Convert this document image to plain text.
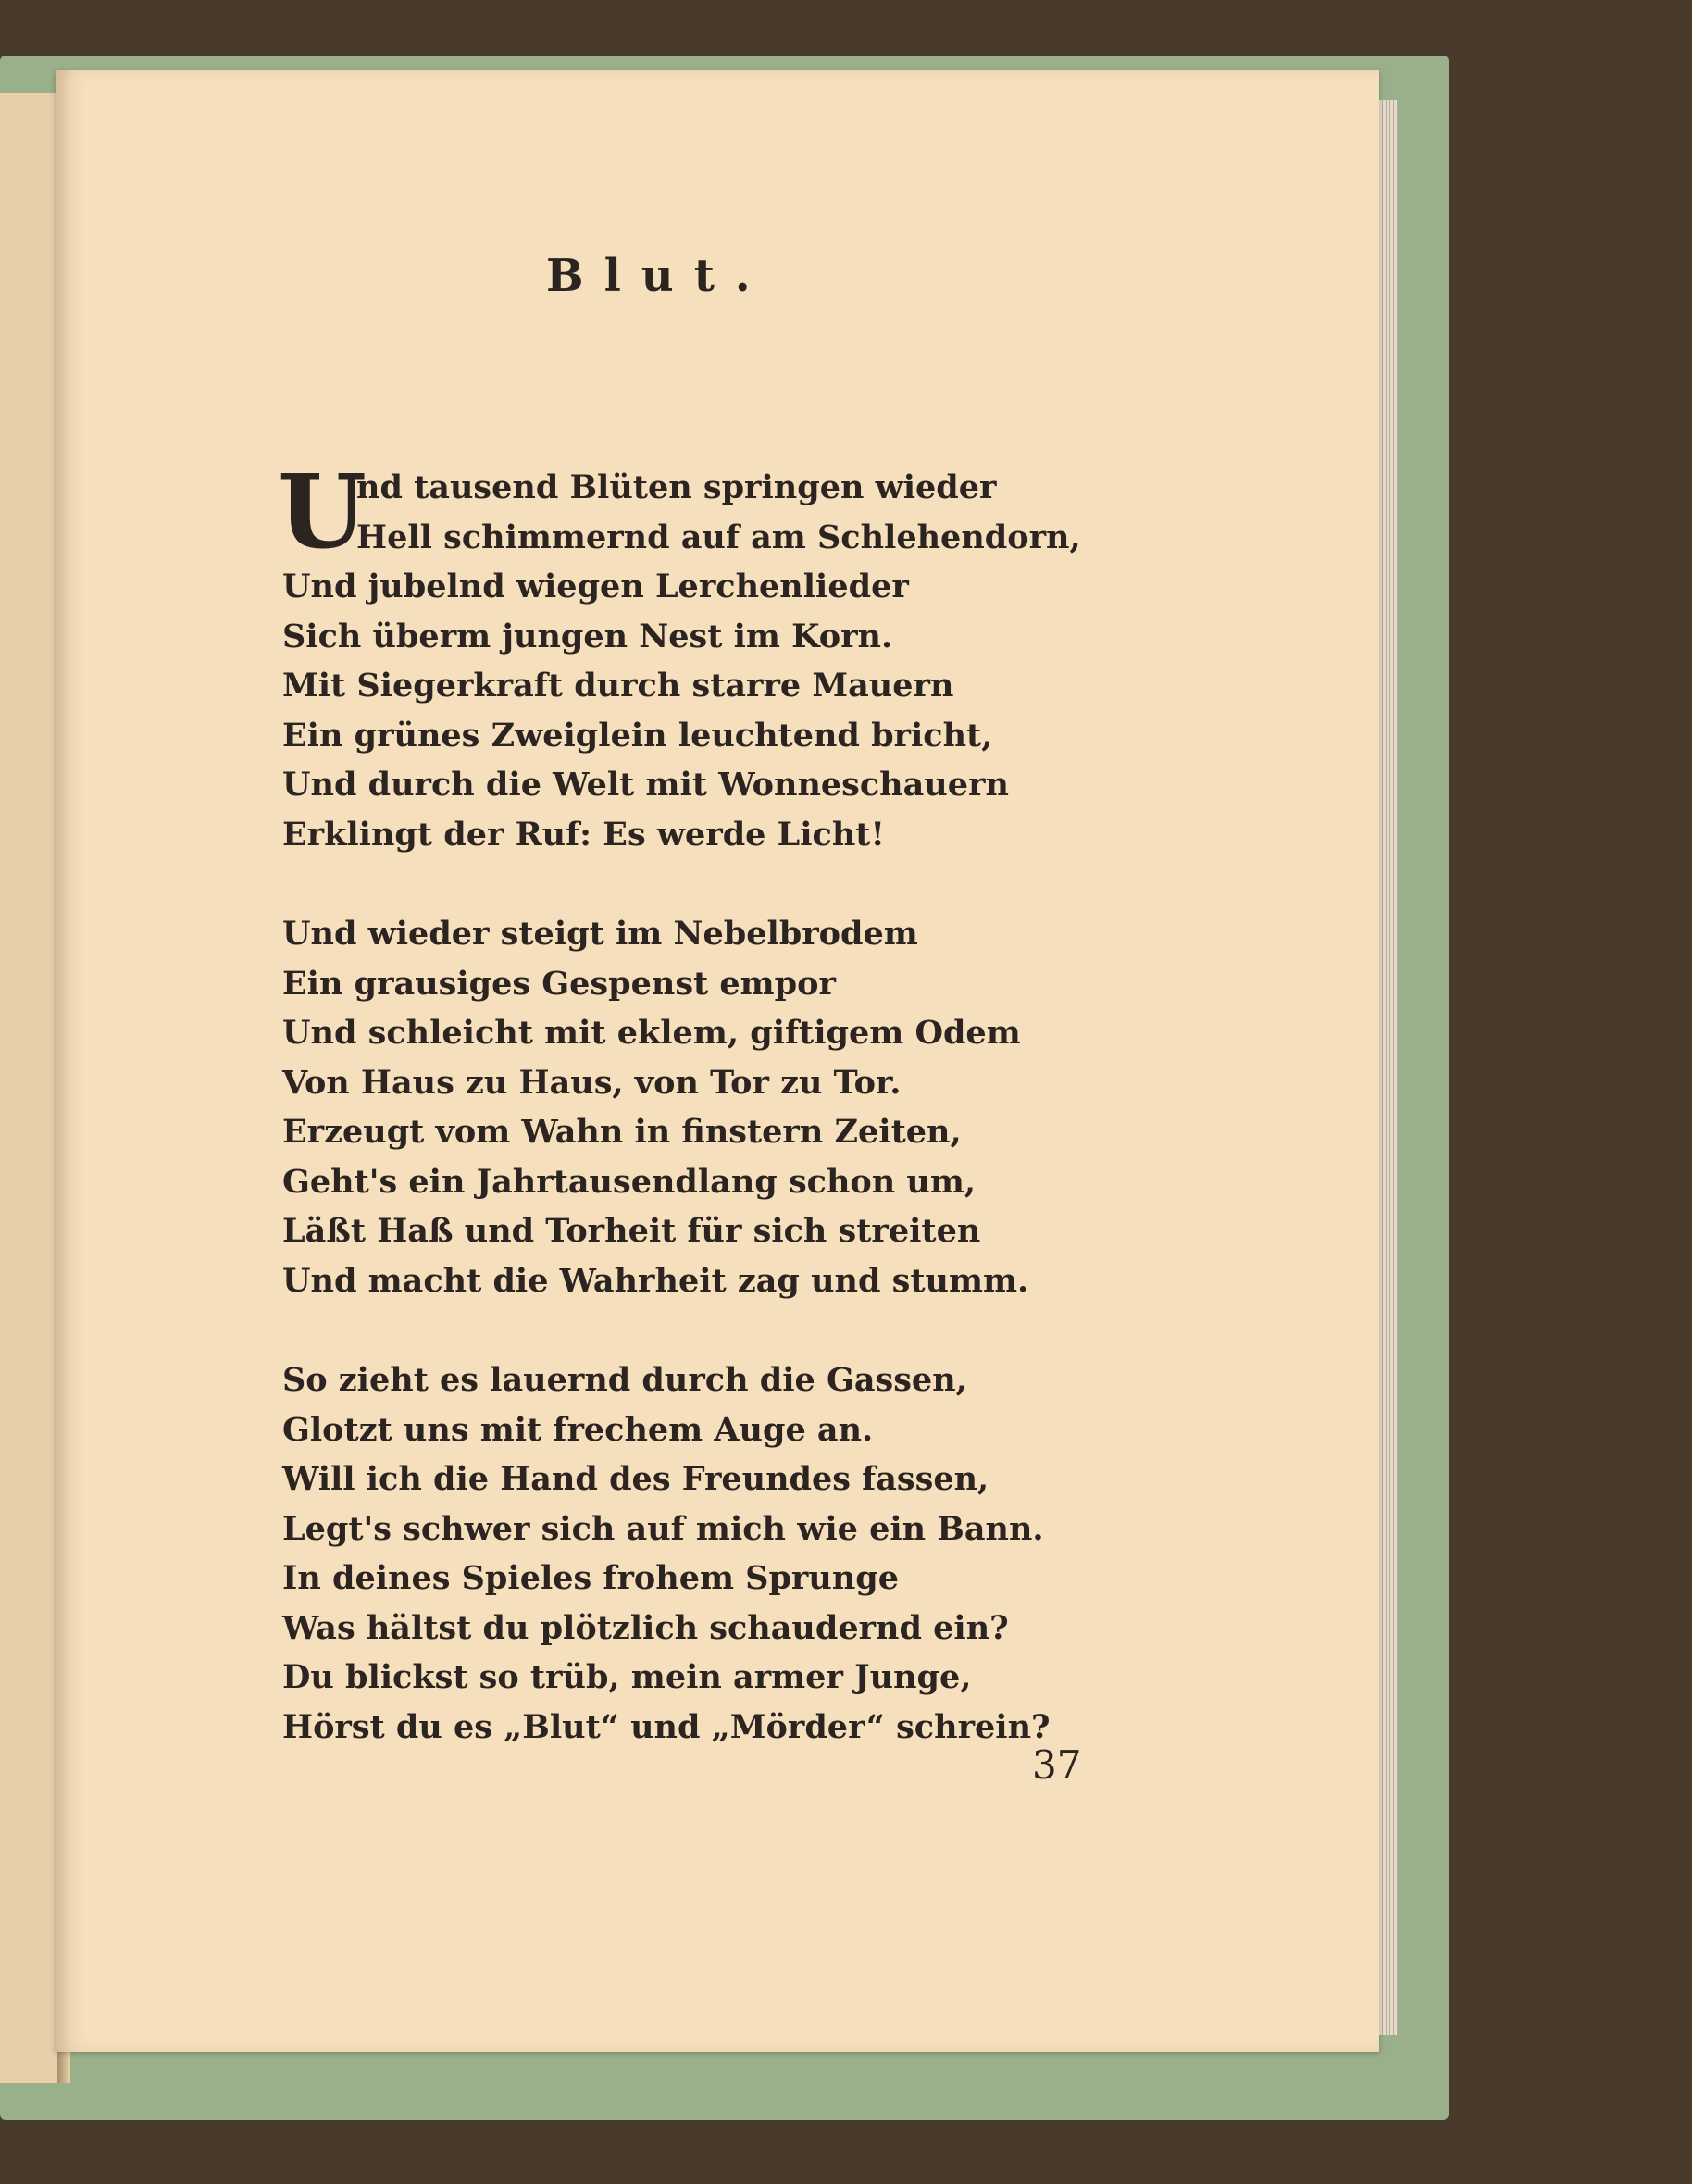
Blut.
U
nd tausend Blüten springen wieder
Hell schimmernd auf am Schlehendorn,
Und jubelnd wiegen Lerchenlieder
Sich überm jungen Nest im Korn.
Mit Siegerkraft durch starre Mauern
Ein grünes Zweiglein leuchtend bricht,
Und durch die Welt mit Wonneschauern
Erklingt der Ruf: Es werde Licht!
Und wieder steigt im Nebelbrodem
Ein grausiges Gespenst empor
Und schleicht mit eklem, giftigem Odem
Von Haus zu Haus, von Tor zu Tor.
Erzeugt vom Wahn in finstern Zeiten,
Geht's ein Jahrtausendlang schon um,
Läßt Haß und Torheit für sich streiten
Und macht die Wahrheit zag und stumm.
So zieht es lauernd durch die Gassen,
Glotzt uns mit frechem Auge an.
Will ich die Hand des Freundes fassen,
Legt's schwer sich auf mich wie ein Bann.
In deines Spieles frohem Sprunge
Was hältst du plötzlich schaudernd ein?
Du blickst so trüb, mein armer Junge,
Hörst du es „Blut“ und „Mörder“ schrein?
37
